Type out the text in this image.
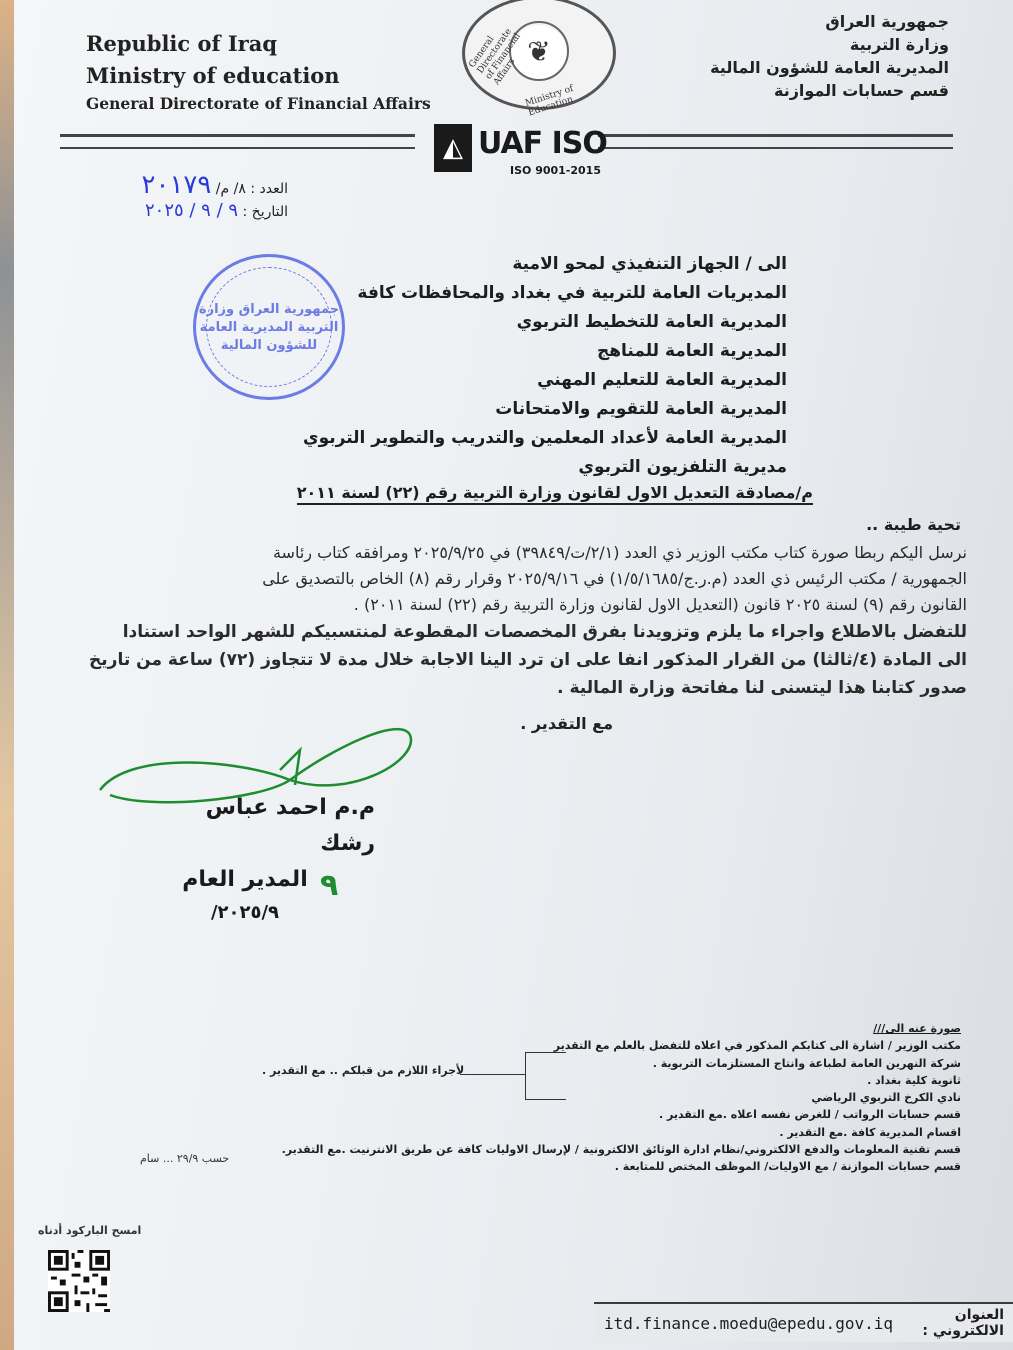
Republic of Iraq
Ministry of education
General Directorate of Financial Affairs
❦
General Directorate of Financial Affairs
Ministry of Education
جمهورية العراق
وزارة التربية
المديرية العامة للشؤون المالية
قسم حسابات الموازنة
◭ UAF ISO
ISO 9001-2015
العدد : ٨/ م/ ٢٠١٧٩
التاريخ : ٩ / ٩ / ٢٠٢٥
جمهورية العراق وزارة التربية المديرية العامة للشؤون المالية
الى / الجهاز التنفيذي لمحو الامية
المديريات العامة للتربية في بغداد والمحافظات كافة
المديرية العامة للتخطيط التربوي
المديرية العامة للمناهج
المديرية العامة للتعليم المهني
المديرية العامة للتقويم والامتحانات
المديرية العامة لأعداد المعلمين والتدريب والتطوير التربوي
مديرية التلفزيون التربوي
م/مصادقة التعديل الاول لقانون وزارة التربية رقم (٢٢) لسنة ٢٠١١
تحية طيبة ..
نرسل اليكم ربطا صورة كتاب مكتب الوزير ذي العدد (٢/١/ت/٣٩٨٤٩) في ٢٠٢٥/٩/٢٥ ومرافقه كتاب رئاسة
الجمهورية / مكتب الرئيس ذي العدد (م.ر.ج/١/٥/١٦٨٥) في ٢٠٢٥/٩/١٦ وقرار رقم (٨) الخاص بالتصديق على
القانون رقم (٩) لسنة ٢٠٢٥ قانون (التعديل الاول لقانون وزارة التربية رقم (٢٢) لسنة ٢٠١١) .
للتفضل بالاطلاع واجراء ما يلزم وتزويدنا بفرق المخصصات المقطوعة لمنتسبيكم للشهر الواحد استنادا
الى المادة (٤/ثالثا) من القرار المذكور انفا على ان ترد الينا الاجابة خلال مدة لا تتجاوز (٧٢) ساعة من تاريخ
صدور كتابنا هذا ليتسنى لنا مفاتحة وزارة المالية .
مع التقدير .
م.م احمد عباس رشك
المدير العام
٢٠٢٥/٩/
٩
صورة عنه الى///
مكتب الوزير / اشارة الى كتابكم المذكور في اعلاه للتفضل بالعلم مع التقدير
شركة النهرين العامة لطباعة وانتاج المستلزمات التربوية .
ثانوية كلية بغداد .
نادي الكرخ التربوي الرياضي
قسم حسابات الرواتب / للغرض نفسه اعلاه .مع التقدير .
اقسام المديرية كافة .مع التقدير .
قسم تقنية المعلومات والدفع الالكتروني/نظام ادارة الوثائق الالكترونية / لإرسال الاوليات كافة عن طريق الانترنيت .مع التقدير.
قسم حسابات الموازنة / مع الاوليات/ الموظف المختص للمتابعة .
لأجراء اللازم من قبلكم .. مع التقدير .
حسب ٢٩/٩ ... سام
امسح الباركود أدناه
itd.finance.moedu@epedu.gov.iq	العنوان الالكتروني :
